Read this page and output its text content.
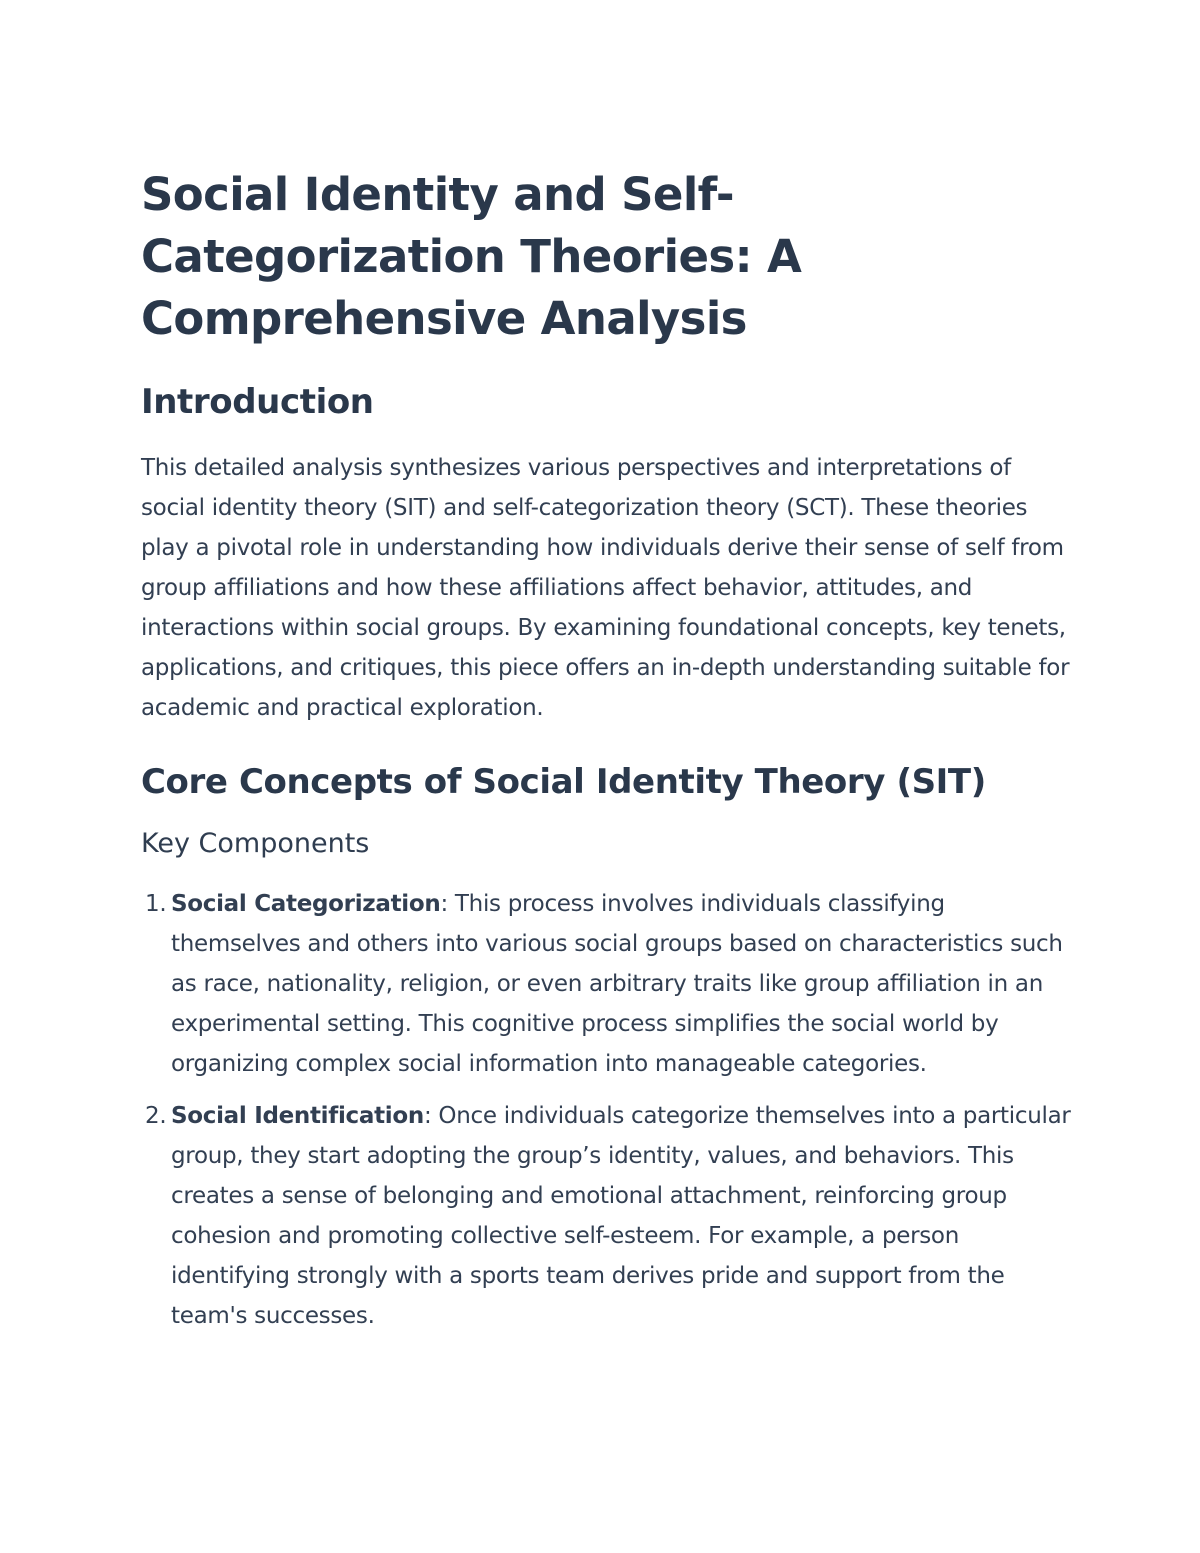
Social Identity and Self-Categorization Theories: A Comprehensive Analysis
Introduction

This detailed analysis synthesizes various perspectives and interpretations of social identity theory (SIT) and self-categorization theory (SCT). These theories play a pivotal role in understanding how individuals derive their sense of self from group affiliations and how these affiliations affect behavior, attitudes, and interactions within social groups. By examining foundational concepts, key tenets, applications, and critiques, this piece offers an in-depth understanding suitable for academic and practical exploration.

Core Concepts of Social Identity Theory (SIT)
Key Components
1. Social Categorization: This process involves individuals classifying themselves and others into various social groups based on characteristics such as race, nationality, religion, or even arbitrary traits like group affiliation in an experimental setting. This cognitive process simplifies the social world by organizing complex social information into manageable categories.
2. Social Identification: Once individuals categorize themselves into a particular group, they start adopting the group’s identity, values, and behaviors. This creates a sense of belonging and emotional attachment, reinforcing group cohesion and promoting collective self-esteem. For example, a person identifying strongly with a sports team derives pride and support from the team's successes.
